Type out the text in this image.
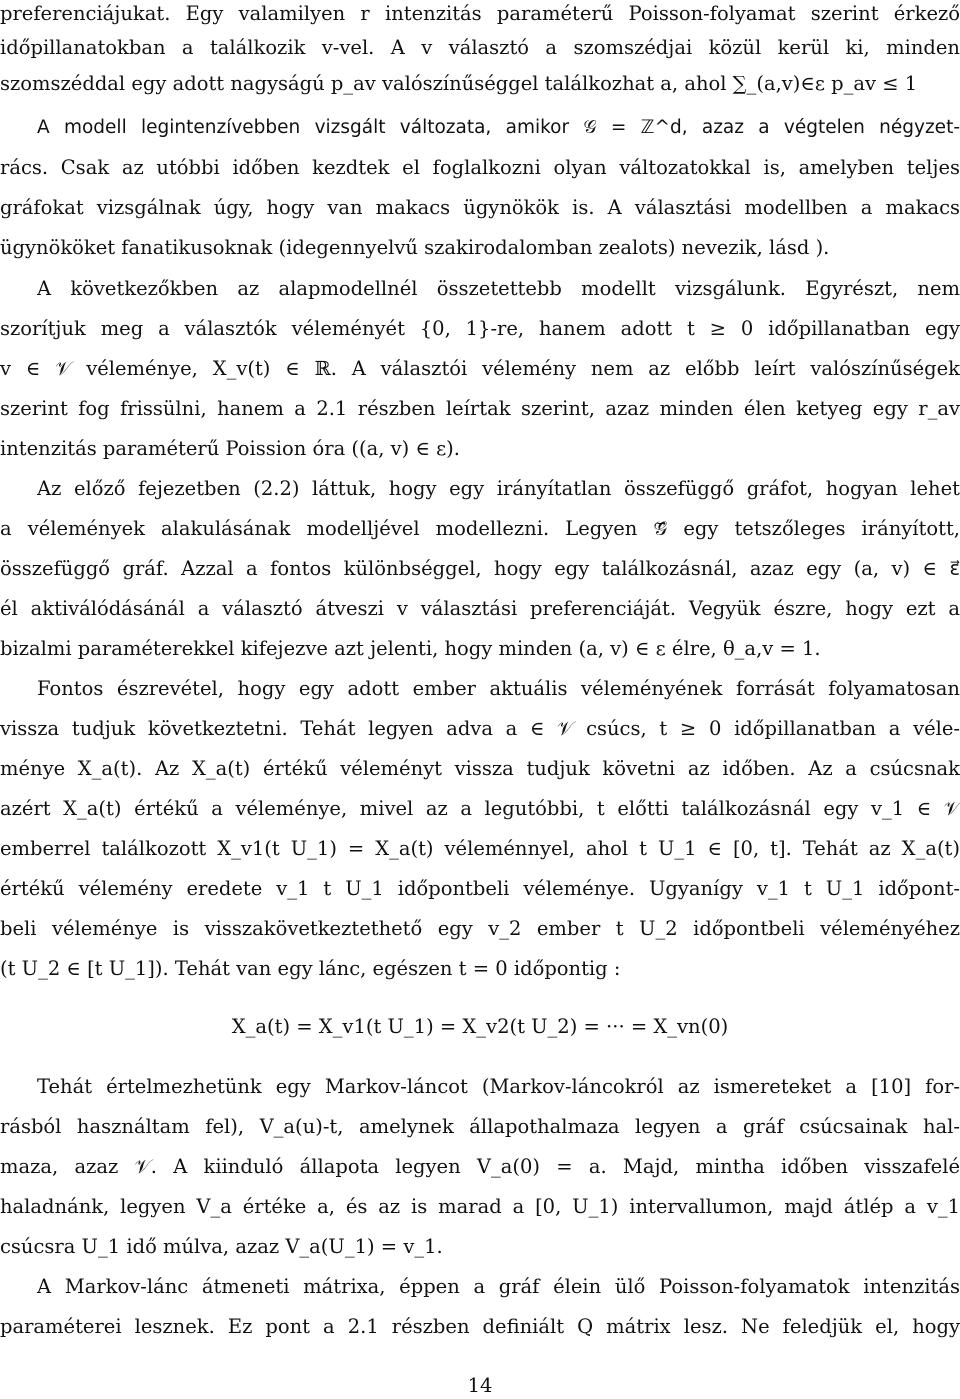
preferenciájukat. Egy valamilyen r intenzitás paraméterű Poisson-folyamat szerint érkező
időpillanatokban a találkozik v-vel. A v választó a szomszédjai közül kerül ki, minden
szomszéddal egy adott nagyságú p_av valószínűséggel találkozhat a, ahol ∑_(a,v)∈ε p_av ≤ 1
A modell legintenzívebben vizsgált változata, amikor 𝒢 = ℤ^d, azaz a végtelen négyzet-
rács. Csak az utóbbi időben kezdtek el foglalkozni olyan változatokkal is, amelyben teljes
gráfokat vizsgálnak úgy, hogy van makacs ügynökök is. A választási modellben a makacs
ügynököket fanatikusoknak (idegennyelvű szakirodalomban zealots) nevezik, lásd ).
A következőkben az alapmodellnél összetettebb modellt vizsgálunk. Egyrészt, nem
szorítjuk meg a választók véleményét {0, 1}-re, hanem adott t ≥ 0 időpillanatban egy
v ∈ 𝒱 véleménye, X_v(t) ∈ ℝ. A választói vélemény nem az előbb leírt valószínűségek
szerint fog frissülni, hanem a 2.1 részben leírtak szerint, azaz minden élen ketyeg egy r_av
intenzitás paraméterű Poission óra ((a, v) ∈ ε).
Az előző fejezetben (2.2) láttuk, hogy egy irányítatlan összefüggő gráfot, hogyan lehet
a vélemények alakulásának modelljével modellezni. Legyen 𝒢⃗ egy tetszőleges irányított,
összefüggő gráf. Azzal a fontos különbséggel, hogy egy találkozásnál, azaz egy (a, v) ∈ ε⃗
él aktiválódásánál a választó átveszi v választási preferenciáját. Vegyük észre, hogy ezt a
bizalmi paraméterekkel kifejezve azt jelenti, hogy minden (a, v) ∈ ε élre, θ_a,v = 1.
Fontos észrevétel, hogy egy adott ember aktuális véleményének forrását folyamatosan
vissza tudjuk következtetni. Tehát legyen adva a ∈ 𝒱 csúcs, t ≥ 0 időpillanatban a véle-
ménye X_a(t). Az X_a(t) értékű véleményt vissza tudjuk követni az időben. Az a csúcsnak
azért X_a(t) értékű a véleménye, mivel az a legutóbbi, t előtti találkozásnál egy v_1 ∈ 𝒱
emberrel találkozott X_v1(t U_1) = X_a(t) véleménnyel, ahol t U_1 ∈ [0, t]. Tehát az X_a(t)
értékű vélemény eredete v_1 t U_1 időpontbeli véleménye. Ugyanígy v_1 t U_1 időpont-
beli véleménye is visszakövetkeztethető egy v_2 ember t U_2 időpontbeli véleményéhez
(t U_2 ∈ [t U_1]). Tehát van egy lánc, egészen t = 0 időpontig :
X_a(t) = X_v1(t U_1) = X_v2(t U_2) = ··· = X_vn(0)
Tehát értelmezhetünk egy Markov-láncot (Markov-láncokról az ismereteket a [10] for-
rásból használtam fel), V_a(u)-t, amelynek állapothalmaza legyen a gráf csúcsainak hal-
maza, azaz 𝒱. A kiinduló állapota legyen V_a(0) = a. Majd, mintha időben visszafelé
haladnánk, legyen V_a értéke a, és az is marad a [0, U_1) intervallumon, majd átlép a v_1
csúcsra U_1 idő múlva, azaz V_a(U_1) = v_1.
A Markov-lánc átmeneti mátrixa, éppen a gráf élein ülő Poisson-folyamatok intenzitás
paraméterei lesznek. Ez pont a 2.1 részben definiált Q mátrix lesz. Ne feledjük el, hogy
14
